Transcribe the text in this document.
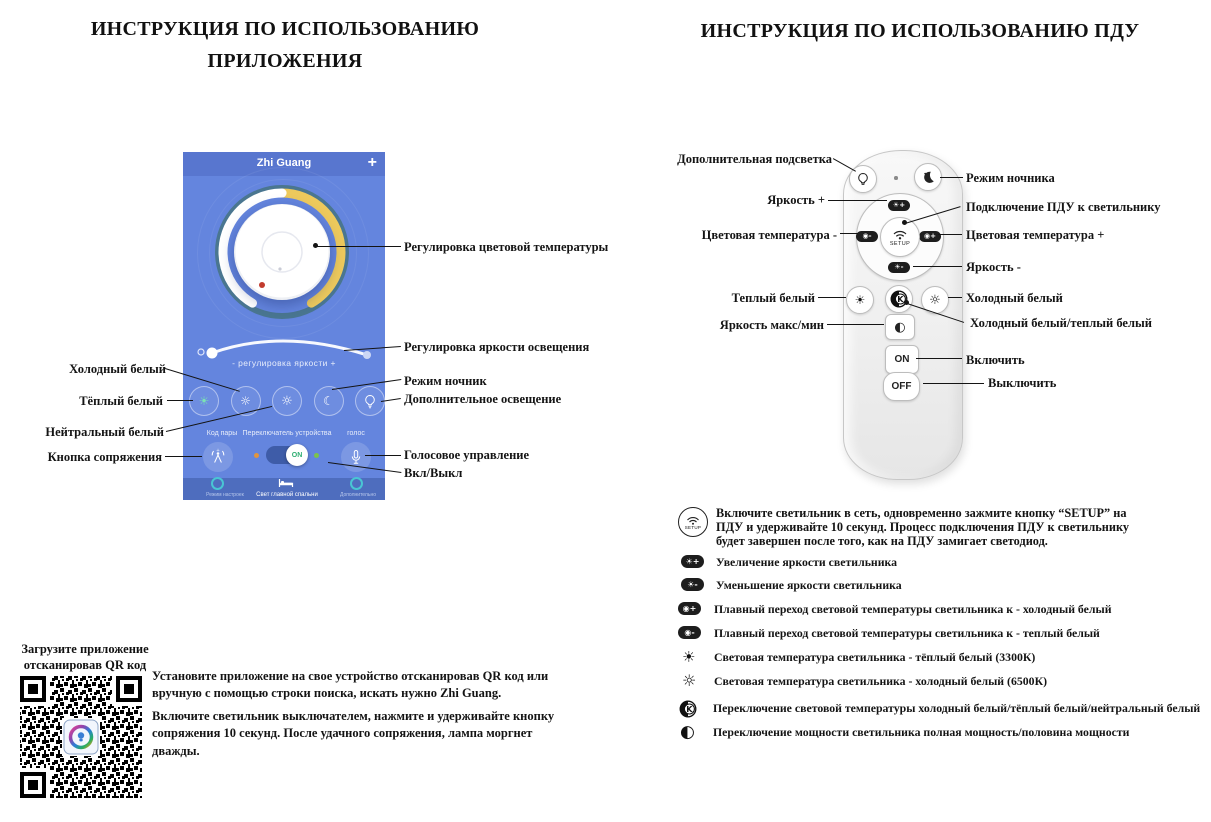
ИНСТРУКЦИЯ ПО ИСПОЛЬЗОВАНИЮ
ПРИЛОЖЕНИЯ
ИНСТРУКЦИЯ ПО ИСПОЛЬЗОВАНИЮ ПДУ
Zhi Guang	+
- регулировка яркости +
☀	☼ ☼	☾
Код пары Переключатель устройства голос
+
ON
Режим настроек Свет главной спальни	Дополнительно
Холодный белый
Тёплый белый
Нейтральный белый
Кнопка сопряжения
Регулировка цветовой температуры
Регулировка яркости освещения
Режим ночник
Дополнительное освещение
Голосовое управление
Вкл/Выкл
Загрузите приложение
отсканировав QR код
Установите приложение на свое устройство отсканировав QR код или вручную с помощью строки поиска, искать нужно Zhi Guang.
Включите светильник выключателем, нажмите и удерживайте кнопку сопряжения 10 секунд. После удачного сопряжения, лампа моргнет дважды.
☀+
◉-	◉+
☀-
SETUP
☀	K ☼
◐
ON
OFF
Дополнительная подсветка
Яркость +
Цветовая температура -
Теплый белый
Яркость макс/мин
Режим ночника
Подключение ПДУ к светильнику
Цветовая температура +
Яркость -
Холодный белый
Холодный белый/теплый белый
Включить
Выключить
SETUP
Включите светильник в сеть, одновременно зажмите кнопку “SETUP” на ПДУ и удерживайте 10 секунд. Процесс подключения ПДУ к светильнику будет завершен после того, как на ПДУ замигает светодиод.
☀+	Увеличение яркости светильника
☀-	Уменьшение яркости светильника
◉+	Плавный переход световой температуры светильника к - холодный белый
◉-	Плавный переход световой температуры светильника к - теплый белый
☀ Световая температура светильника - тёплый белый (3300К)
☼ Световая температура светильника - холодный белый (6500К)
K Переключение световой температуры холодный белый/тёплый белый/нейтральный белый
◐ Переключение мощности светильника полная мощность/половина мощности
